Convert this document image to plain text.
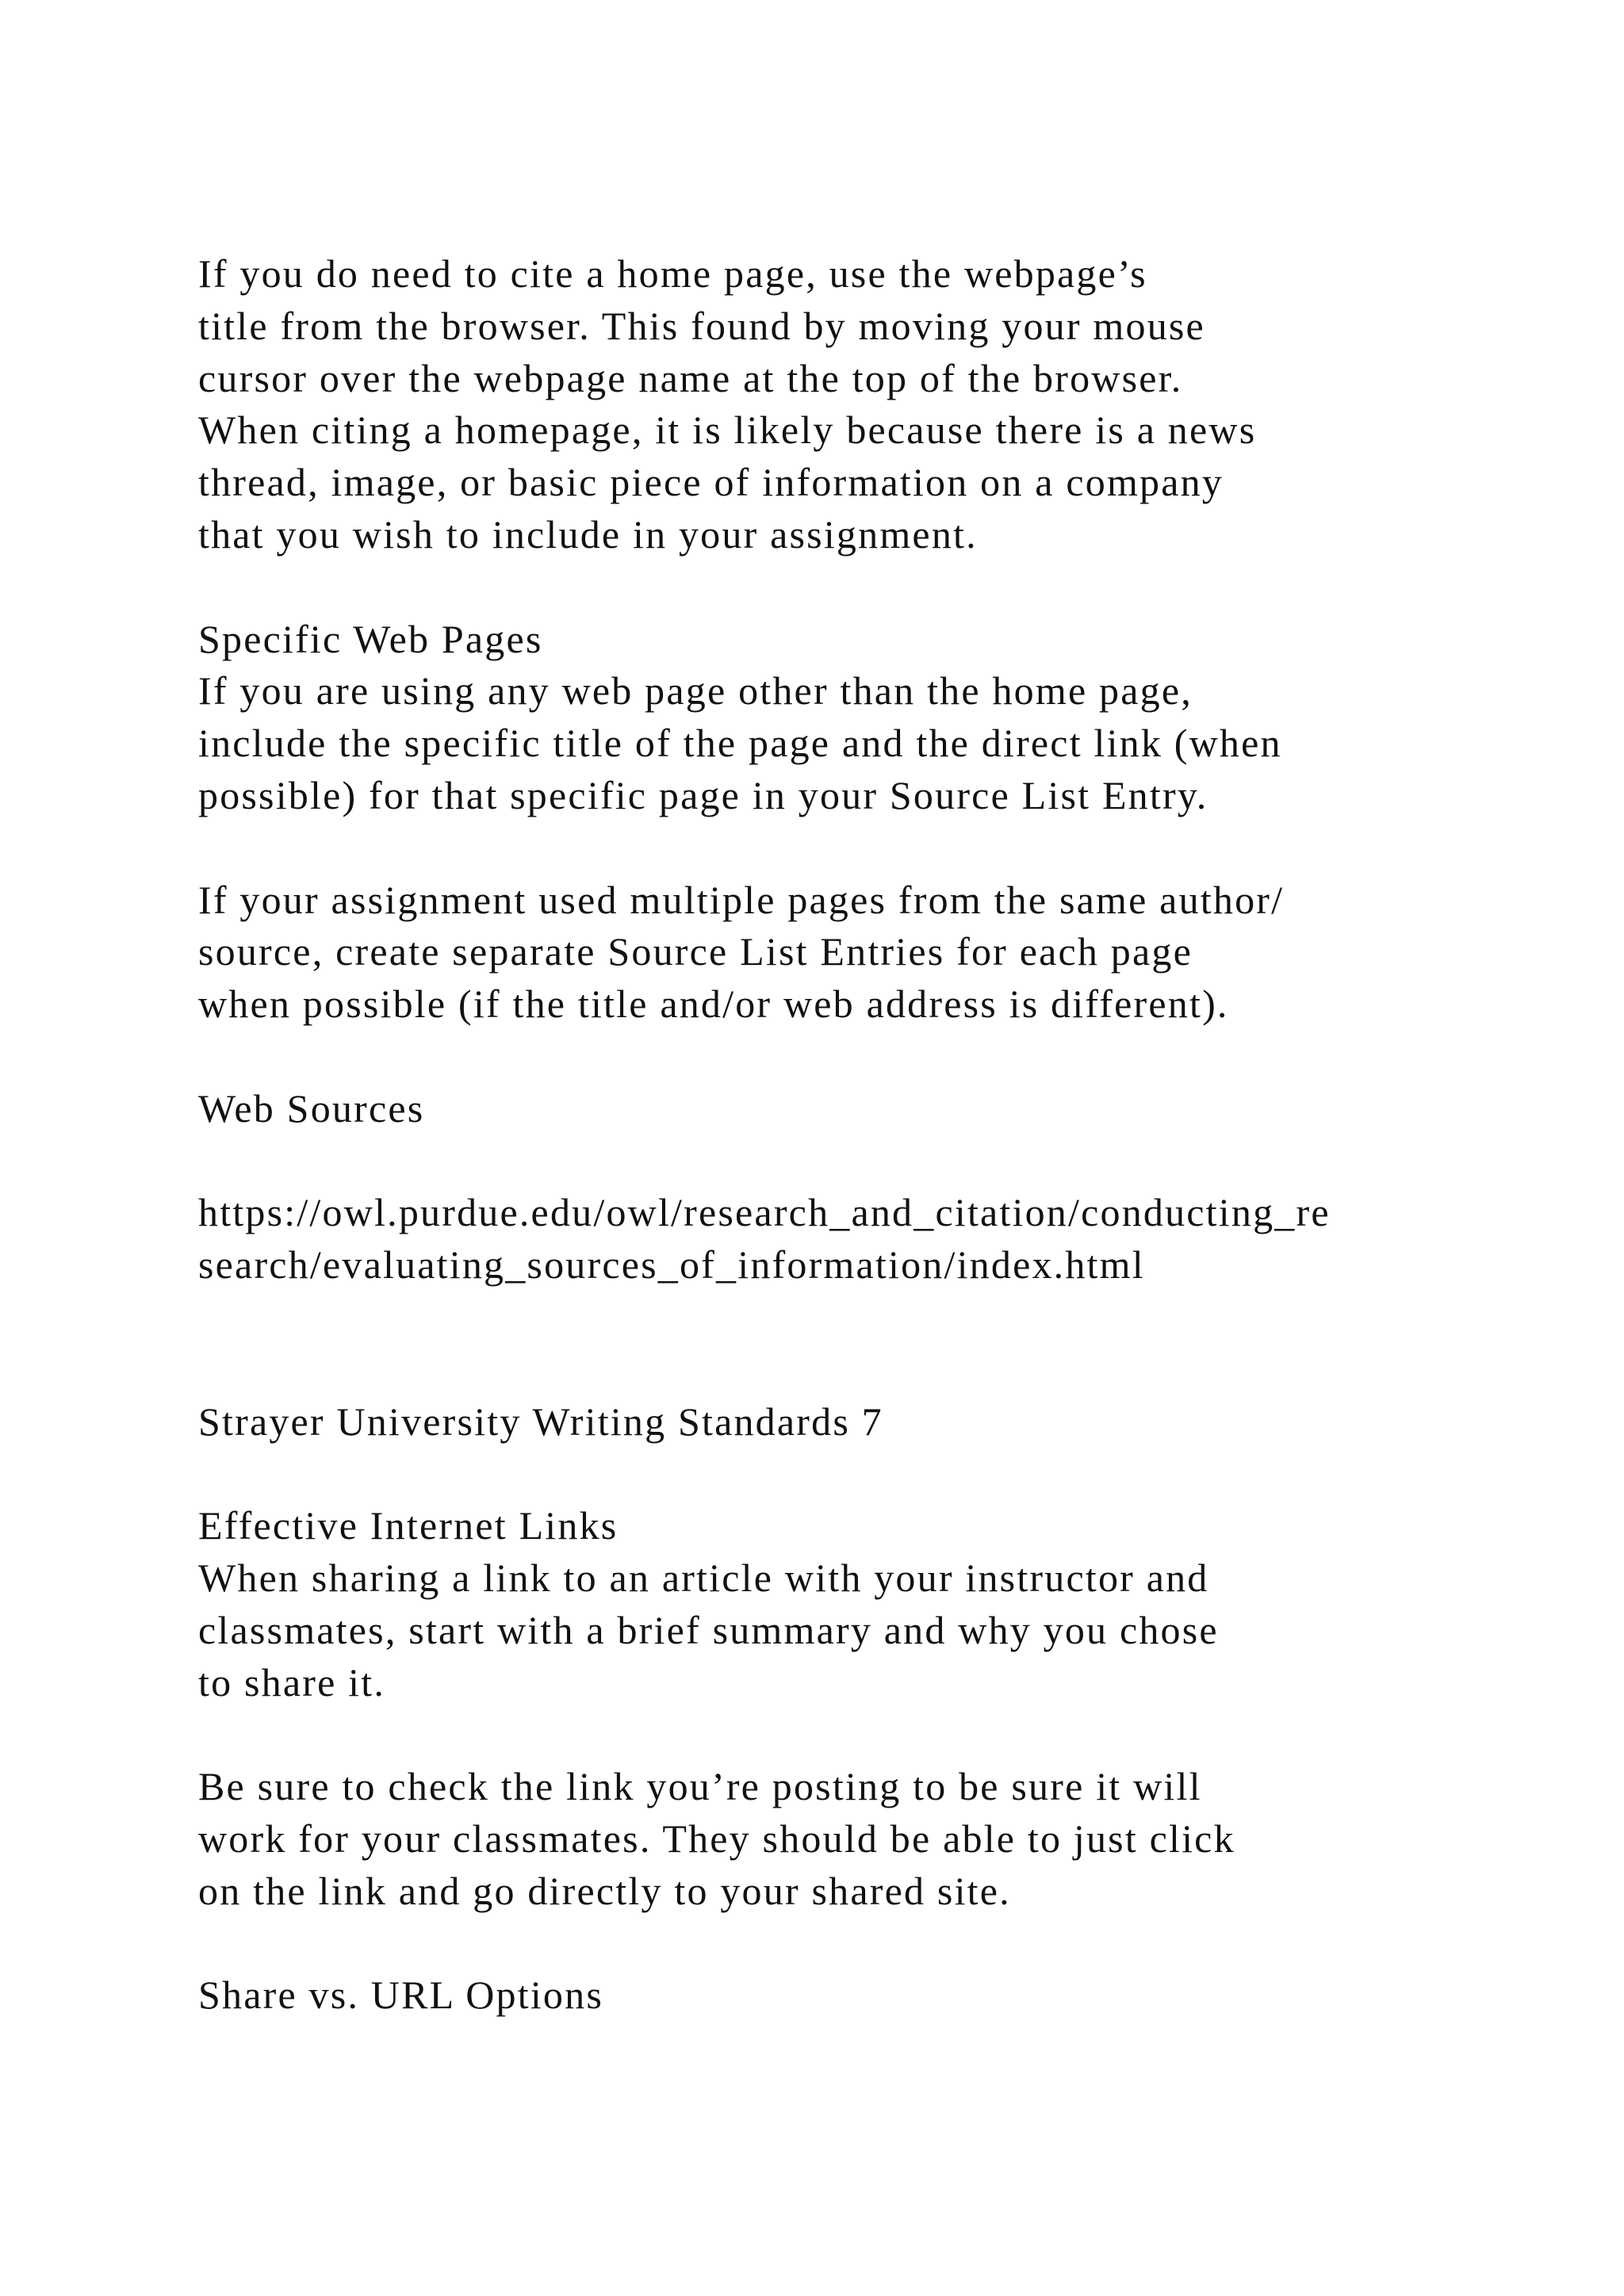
If you do need to cite a home page, use the webpage’s
title from the browser. This found by moving your mouse
cursor over the webpage name at the top of the browser.
When citing a homepage, it is likely because there is a news
thread, image, or basic piece of information on a company
that you wish to include in your assignment.
Specific Web Pages
If you are using any web page other than the home page,
include the specific title of the page and the direct link (when
possible) for that specific page in your Source List Entry.
If your assignment used multiple pages from the same author/
source, create separate Source List Entries for each page
when possible (if the title and/or web address is different).
Web Sources
https://owl.purdue.edu/owl/research_and_citation/conducting_re
search/evaluating_sources_of_information/index.html
Strayer University Writing Standards 7
Effective Internet Links
When sharing a link to an article with your instructor and
classmates, start with a brief summary and why you chose
to share it.
Be sure to check the link you’re posting to be sure it will
work for your classmates. They should be able to just click
on the link and go directly to your shared site.
Share vs. URL Options
